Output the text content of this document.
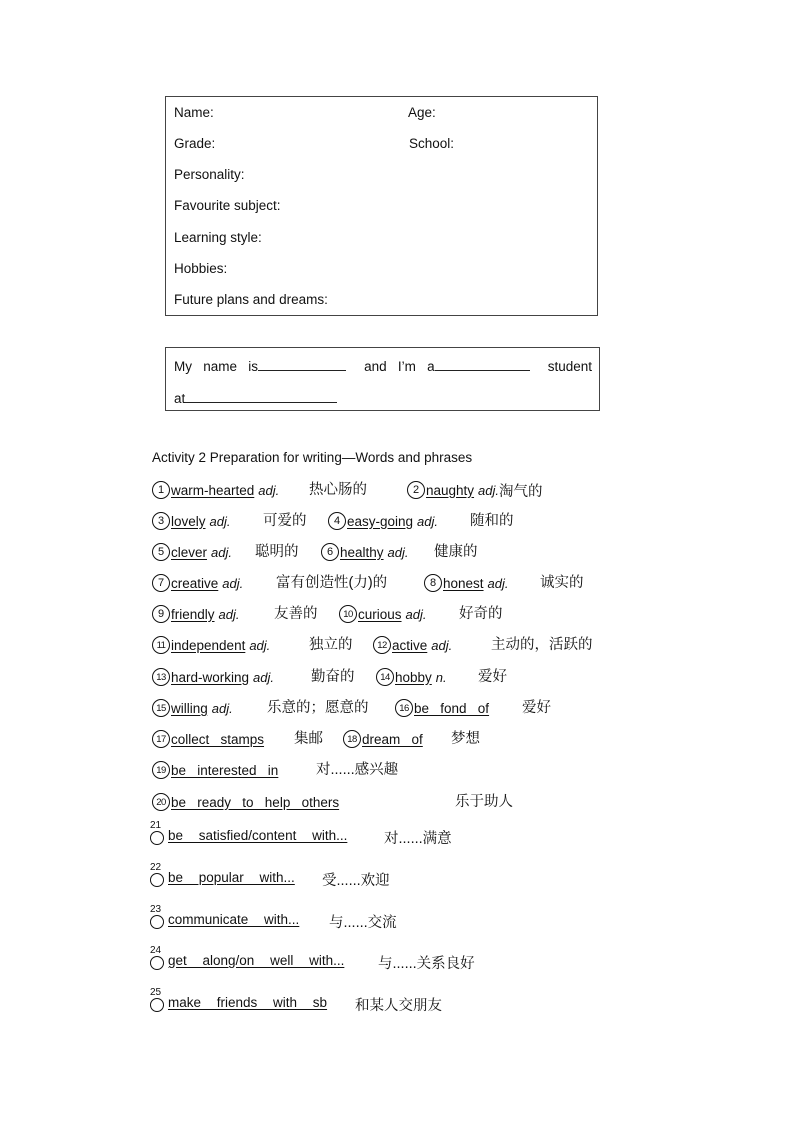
Name:	Age:
Grade:	School:
Personality:
Favourite subject:
Learning style:
Hobbies:
Future plans and dreams:
My   name   is	and   I’m   a	student
at
Activity 2 Preparation for writing—Words and phrases
1 warm-hearted adj. 热心肠的	2 naughty adj. 淘气的
3 lovely adj. 可爱的	4 easy-going adj. 随和的
5 clever adj. 聪明的	6 healthy adj. 健康的
7 creative adj. 富有创造性(力)的	8 honest adj. 诚实的
9 friendly adj. 友善的	10 curious adj. 好奇的
11 independent adj.	独立的	12 active adj.	主动的，活跃的
13 hard-working adj.	勤奋的	14 hobby n. 爱好
15 willing adj. 乐意的；愿意的	16 be   fond   of 爱好
17 collect   stamps 集邮	18 dream   of 梦想
19 be   interested   in	对......感兴趣
20 be   ready   to   help   others	乐于助人
21
be satisfied/content with...	对......满意
22
be popular with... 受......欢迎
23
communicate with... 与......交流
24
get along/on well with... 与......关系良好
25
make friends with sb 和某人交朋友
